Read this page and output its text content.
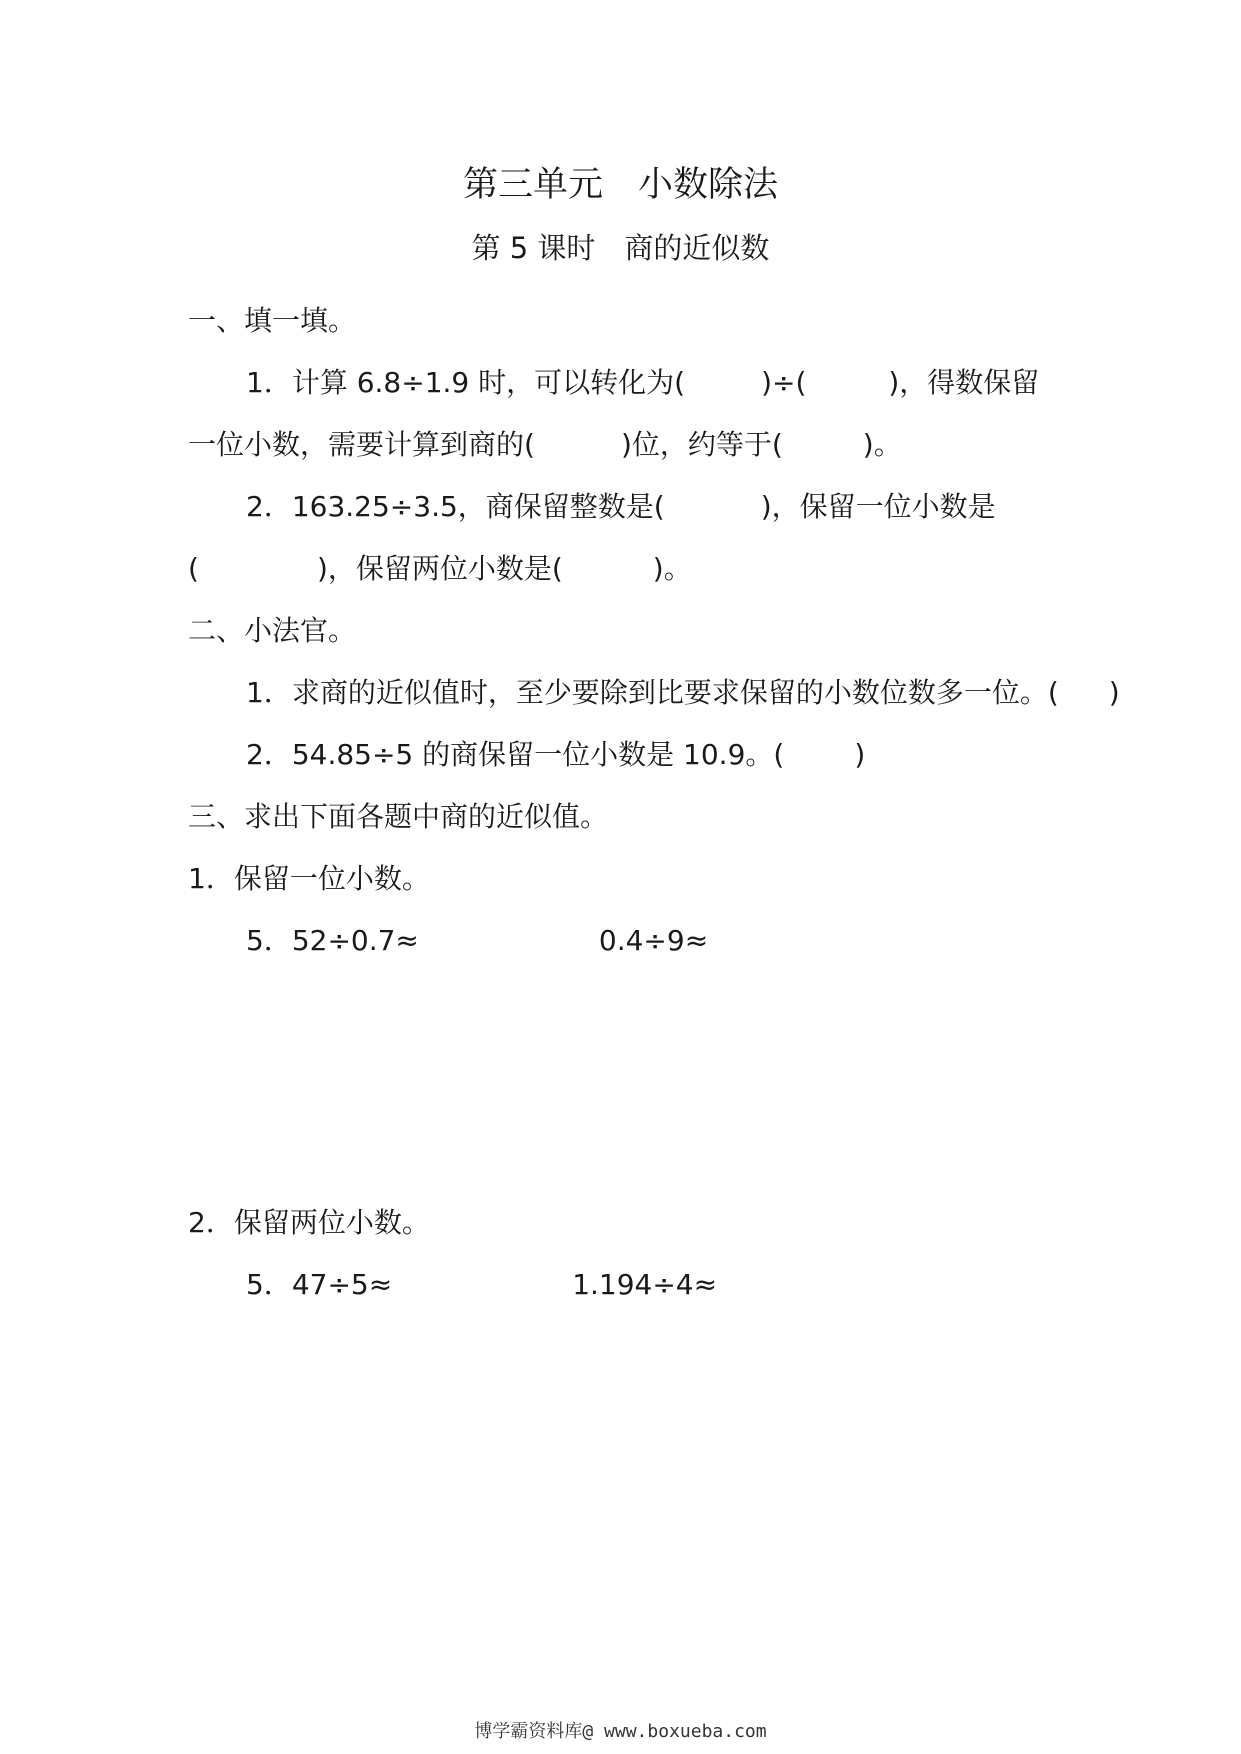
第三单元　小数除法
第 5 课时　商的近似数
一、填一填。
1．计算 6.8÷1.9 时，可以转化为(	)÷(	)，得数保留
一位小数，需要计算到商的(	)位，约等于(	)。
2．163.25÷3.5，商保留整数是(	)，保留一位小数是
(	)，保留两位小数是(	)。
二、小法官。
1．求商的近似值时，至少要除到比要求保留的小数位数多一位。( )
2．54.85÷5 的商保留一位小数是 10.9。(	)
三、求出下面各题中商的近似值。
1．保留一位小数。
5．52÷0.7≈	0.4÷9≈
2．保留两位小数。
5．47÷5≈	1.194÷4≈
博学霸资料库@ www.boxueba.com
